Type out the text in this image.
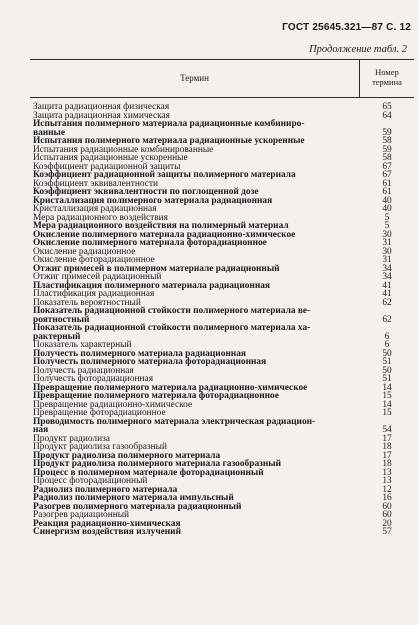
ГОСТ 25645.321—87 С. 12
Продолжение табл. 2
Термин
Номер
термина
Защита радиационная физическая	65
Защита радиационная химическая	64
Испытания полимерного материала радиационные комбиниро-
ванные	59
Испытания полимерного материала радиационные ускоренные	58
Испытания радиационные комбинированные	59
Испытания радиационные ускоренные	58
Коэффициент радиационной защиты	67
Коэффициент радиационной защиты полимерного материала	67
Коэффициент эквивалентности	61
Коэффициент эквивалентности по поглощенной дозе	61
Кристаллизация полимерного материала радиационная	40
Кристаллизация радиационная	40
Мера радиационного воздействия	5
Мера радиационного воздействия на полимерный материал	5
Окисление полимерного материала радиационно-химическое	30
Окисление полимерного материала фоторадиационное	31
Окисление радиационное	30
Окисление фоторадиационное	31
Отжиг примесей в полимерном материале радиационный	34
Отжиг примесей радиационный	34
Пластификация полимерного материала радиационная	41
Пластификация радиационная	41
Показатель вероятностный	62
Показатель радиационной стойкости полимерного материала ве-
роятностный	62
Показатель радиационной стойкости полимерного материала ха-
рактерный	6
Показатель характерный	6
Получесть полимерного материала радиационная	50
Получесть полимерного материала фоторадиационная	51
Получесть радиационная	50
Получесть фоторадиационная	51
Превращение полимерного материала радиационно-химическое	14
Превращение полимерного материала фоторадиационное	15
Превращение радиационно-химическое	14
Превращение фоторадиационное	15
Проводимость полимерного материала электрическая радиацион-
ная	54
Продукт радиолиза	17
Продукт радиолиза газообразный	18
Продукт радиолиза полимерного материала	17
Продукт радиолиза полимерного материала газообразный	18
Процесс в полимерном материале фоторадиационный	13
Процесс фоторадиационный	13
Радиолиз полимерного материала	12
Радиолиз полимерного материала импульсный	16
Разогрев полимерного материала радиационный	60
Разогрев радиационный	60
Реакция радиационно-химическая	20
Синергизм воздействия излучений	57
